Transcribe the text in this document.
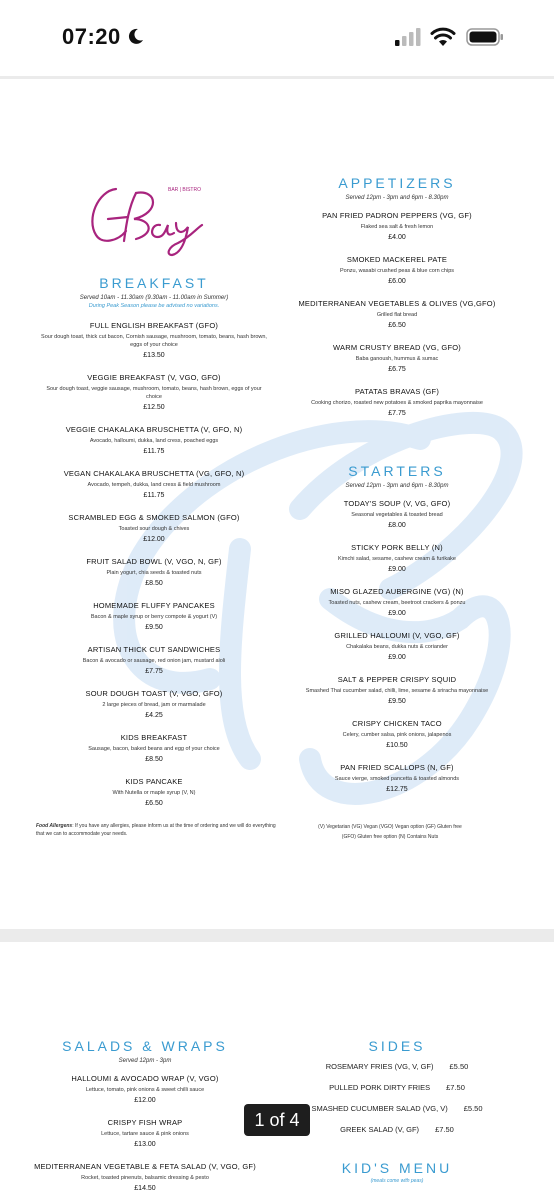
07:20
BAR | BISTRO
BREAKFAST
Served 10am - 11.30am (9.30am - 11.00am in Summer)
During Peak Season please be advised no variations.
FULL ENGLISH BREAKFAST (GFO)
Sour dough toast, thick cut bacon, Cornish sausage, mushroom, tomato, beans, hash brown, eggs of your choice
£13.50
VEGGIE BREAKFAST (V, VGO, GFO)
Sour dough toast, veggie sausage, mushroom, tomato, beans, hash brown, eggs of your choice
£12.50
VEGGIE CHAKALAKA BRUSCHETTA (V, GFO, N)
Avocado, halloumi, dukka, land cress, poached eggs
£11.75
VEGAN CHAKALAKA BRUSCHETTA (VG, GFO, N)
Avocado, tempeh, dukka, land cress & field mushroom
£11.75
SCRAMBLED EGG & SMOKED SALMON (GFO)
Toasted sour dough & chives
£12.00
FRUIT SALAD BOWL (V, VGO, N, GF)
Plain yogurt, chia seeds & toasted nuts
£8.50
HOMEMADE FLUFFY PANCAKES
Bacon & maple syrup or berry compote & yogurt (V)
£9.50
ARTISAN THICK CUT SANDWICHES
Bacon & avocado or sausage, red onion jam, mustard aioli
£7.75
SOUR DOUGH TOAST (V, VGO, GFO)
2 large pieces of bread, jam or marmalade
£4.25
KIDS BREAKFAST
Sausage, bacon, baked beans and egg of your choice
£8.50
KIDS PANCAKE
With Nutella or maple syrup (V, N)
£6.50
APPETIZERS
Served 12pm - 3pm and 6pm - 8.30pm
PAN FRIED PADRON PEPPERS (VG, GF)
Flaked sea salt & fresh lemon
£4.00
SMOKED MACKEREL PATE
Ponzu, wasabi crushed peas & blue corn chips
£6.00
MEDITERRANEAN VEGETABLES & OLIVES (VG,GFO)
Grilled flat bread
£6.50
WARM CRUSTY BREAD (VG, GFO)
Baba ganoush, hummus & sumac
£6.75
PATATAS BRAVAS (GF)
Cooking chorizo, roasted new potatoes & smoked paprika mayonnaise
£7.75
STARTERS
Served 12pm - 3pm and 6pm - 8.30pm
TODAY'S SOUP (V, VG, GFO)
Seasonal vegetables & toasted bread
£8.00
STICKY PORK BELLY (N)
Kimchi salad, sesame, cashew cream & furikake
£9.00
MISO GLAZED AUBERGINE (VG) (N)
Toasted nuts, cashew cream, beetroot crackers & ponzu
£9.00
GRILLED HALLOUMI (V, VGO, GF)
Chakalaka beans, dukka nuts & coriander
£9.00
SALT & PEPPER CRISPY SQUID
Smashed Thai cucumber salad, chilli, lime, sesame & sriracha mayonnaise
£9.50
CRISPY CHICKEN TACO
Celery, cumber salsa, pink onions, jalapenos
£10.50
PAN FRIED SCALLOPS (N, GF)
Sauce vierge, smoked pancetta & toasted almonds
£12.75
Food Allergens: If you have any allergies, please inform us at the time of ordering and we will do everything that we can to accommodate your needs.
(V) Vegetarian (VG) Vegan (VGO) Vegan option (GF) Gluten free
(GFO) Gluten free option (N) Contains Nuts
SALADS & WRAPS
Served 12pm - 3pm
HALLOUMI & AVOCADO WRAP (V, VGO)
Lettuce, tomato, pink onions & sweet chilli sauce
£12.00
CRISPY FISH WRAP
Lettuce, tartare sauce & pink onions
£13.00
MEDITERRANEAN VEGETABLE & FETA SALAD (V, VGO, GF)
Rocket, toasted pinenuts, balsamic dressing & pesto
£14.50
SIDES
ROSEMARY FRIES (VG, V, GF) £5.50
PULLED PORK DIRTY FRIES £7.50
SMASHED CUCUMBER SALAD (VG, V) £5.50
GREEK SALAD (V, GF) £7.50
KID'S MENU
(meals come with peas)
1 of 4
